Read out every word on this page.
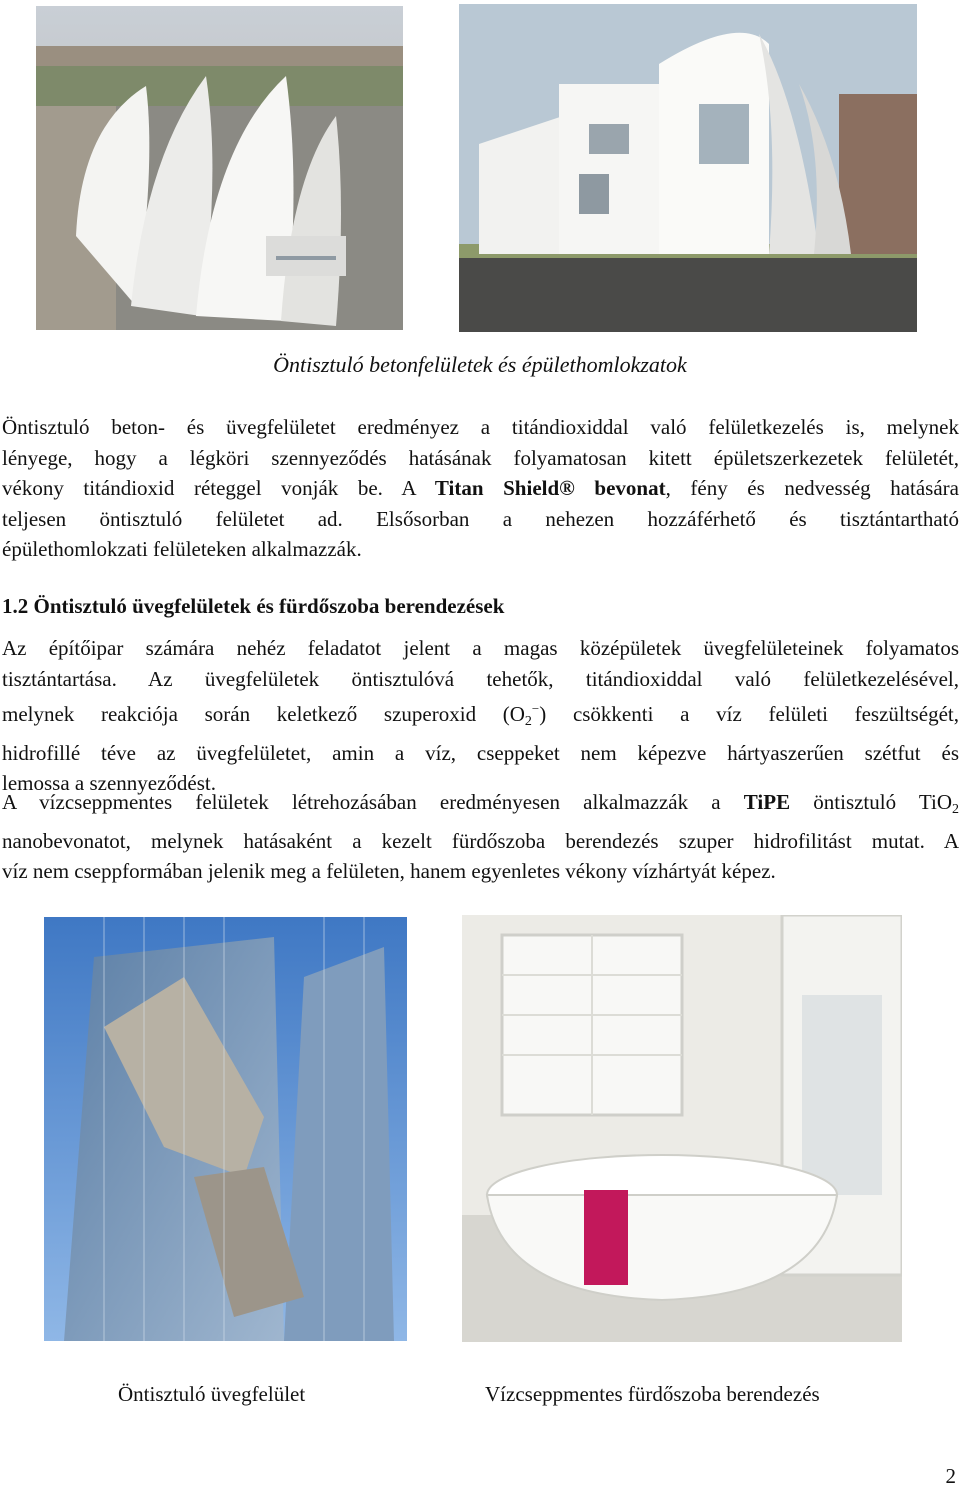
Öntisztuló betonfelületek és épülethomlokzatok

Öntisztuló beton- és üvegfelületet eredményez a titándioxiddal való felületkezelés is, melynek
lényege, hogy a légköri szennyeződés hatásának folyamatosan kitett épületszerkezetek felületét,
vékony titándioxid réteggel vonják be. A Titan Shield® bevonat, fény és nedvesség hatására
teljesen öntisztuló felületet ad. Elsősorban a nehezen hozzáférhető és tisztántartható
épülethomlokzati felületeken alkalmazzák.

1.2 Öntisztuló üvegfelületek és fürdőszoba berendezések

Az építőipar számára nehéz feladatot jelent a magas középületek üvegfelületeinek folyamatos
tisztántartása. Az üvegfelületek öntisztulóvá tehetők, titándioxiddal való felületkezelésével,
melynek reakciója során keletkező szuperoxid $(O_2^-)$ csökkenti a víz felületi feszültségét,
hidrofillé téve az üvegfelületet, amin a víz, cseppeket nem képezve hártyaszerűen szétfut és
lemossa a szennyeződést.

A vízcseppmentes felületek létrehozásában eredményesen alkalmazzák a TiPE öntisztuló TiO$_2$
nanobevonatot, melynek hatásaként a kezelt fürdőszoba berendezés szuper hidrofilitást mutat. A
víz nem cseppformában jelenik meg a felületen, hanem egyenletes vékony vízhártyát képez.

Öntisztuló üvegfelület	Vízcseppmentes fürdőszoba berendezés
2
